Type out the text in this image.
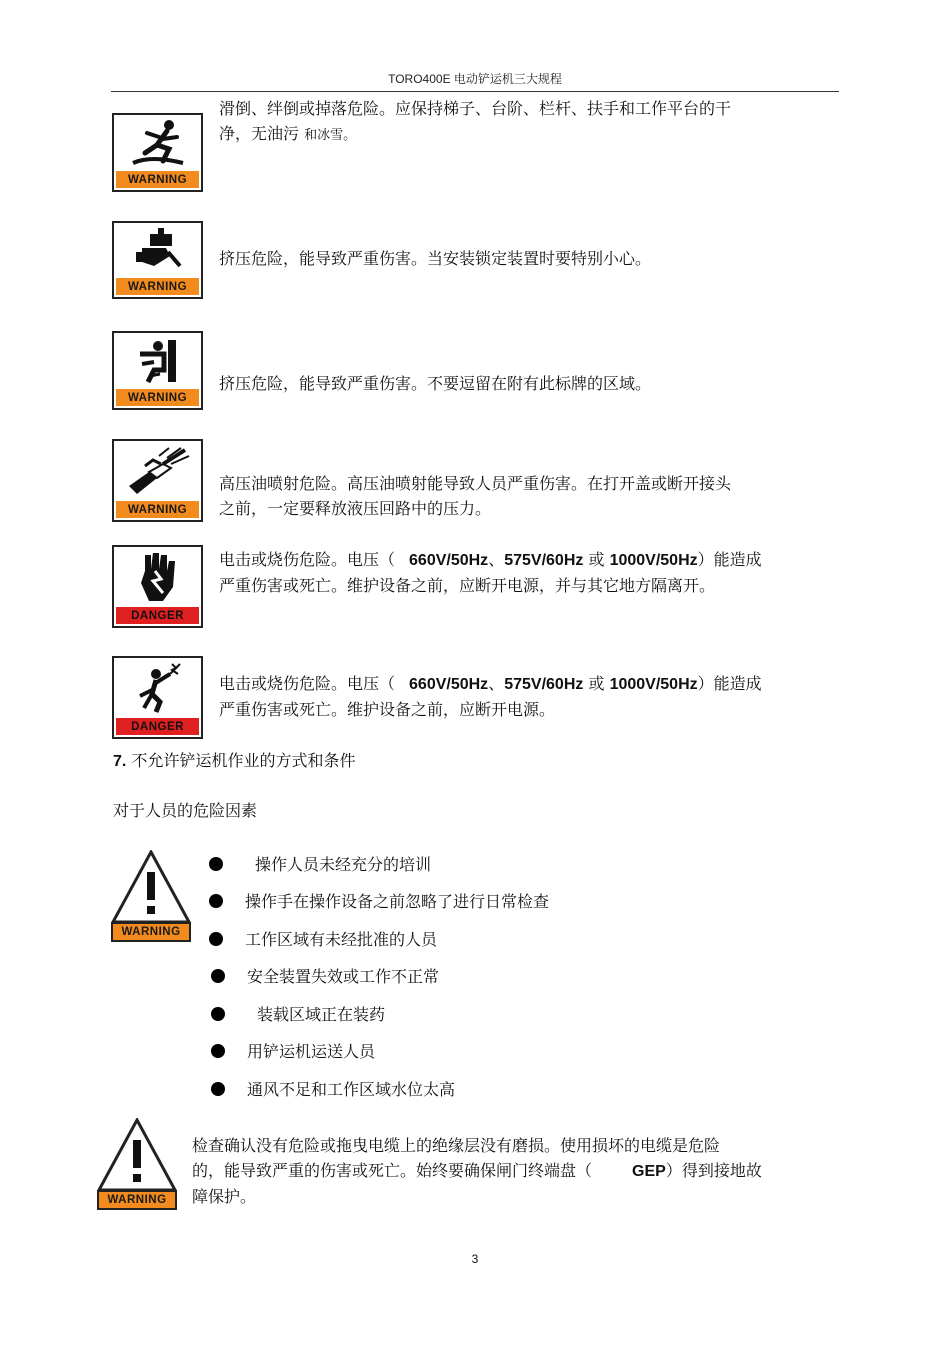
TORO400E 电动铲运机三大规程
WARNING
滑倒、绊倒或掉落危险。应保持梯子、台阶、栏杆、扶手和工作平台的干
净，无油污 和冰雪。
WARNING
挤压危险，能导致严重伤害。当安装锁定装置时要特别小心。
WARNING
挤压危险，能导致严重伤害。不要逗留在附有此标牌的区域。
WARNING
高压油喷射危险。高压油喷射能导致人员严重伤害。在打开盖或断开接头
之前，一定要释放液压回路中的压力。
DANGER
电击或烧伤危险。电压（ 660V/50Hz、575V/60Hz 或 1000V/50Hz）能造成
严重伤害或死亡。维护设备之前，应断开电源，并与其它地方隔离开。
DANGER
电击或烧伤危险。电压（ 660V/50Hz、575V/60Hz 或 1000V/50Hz）能造成
严重伤害或死亡。维护设备之前，应断开电源。
7. 不允许铲运机作业的方式和条件
对于人员的危险因素
WARNING
操作人员未经充分的培训
操作手在操作设备之前忽略了进行日常检查
工作区域有未经批准的人员
安全装置失效或工作不正常
装载区域正在装药
用铲运机运送人员
通风不足和工作区域水位太高
WARNING
检查确认没有危险或拖曳电缆上的绝缘层没有磨损。使用损坏的电缆是危险
的，能导致严重的伤害或死亡。始终要确保闸门终端盘（	GEP）得到接地故
障保护。
3
